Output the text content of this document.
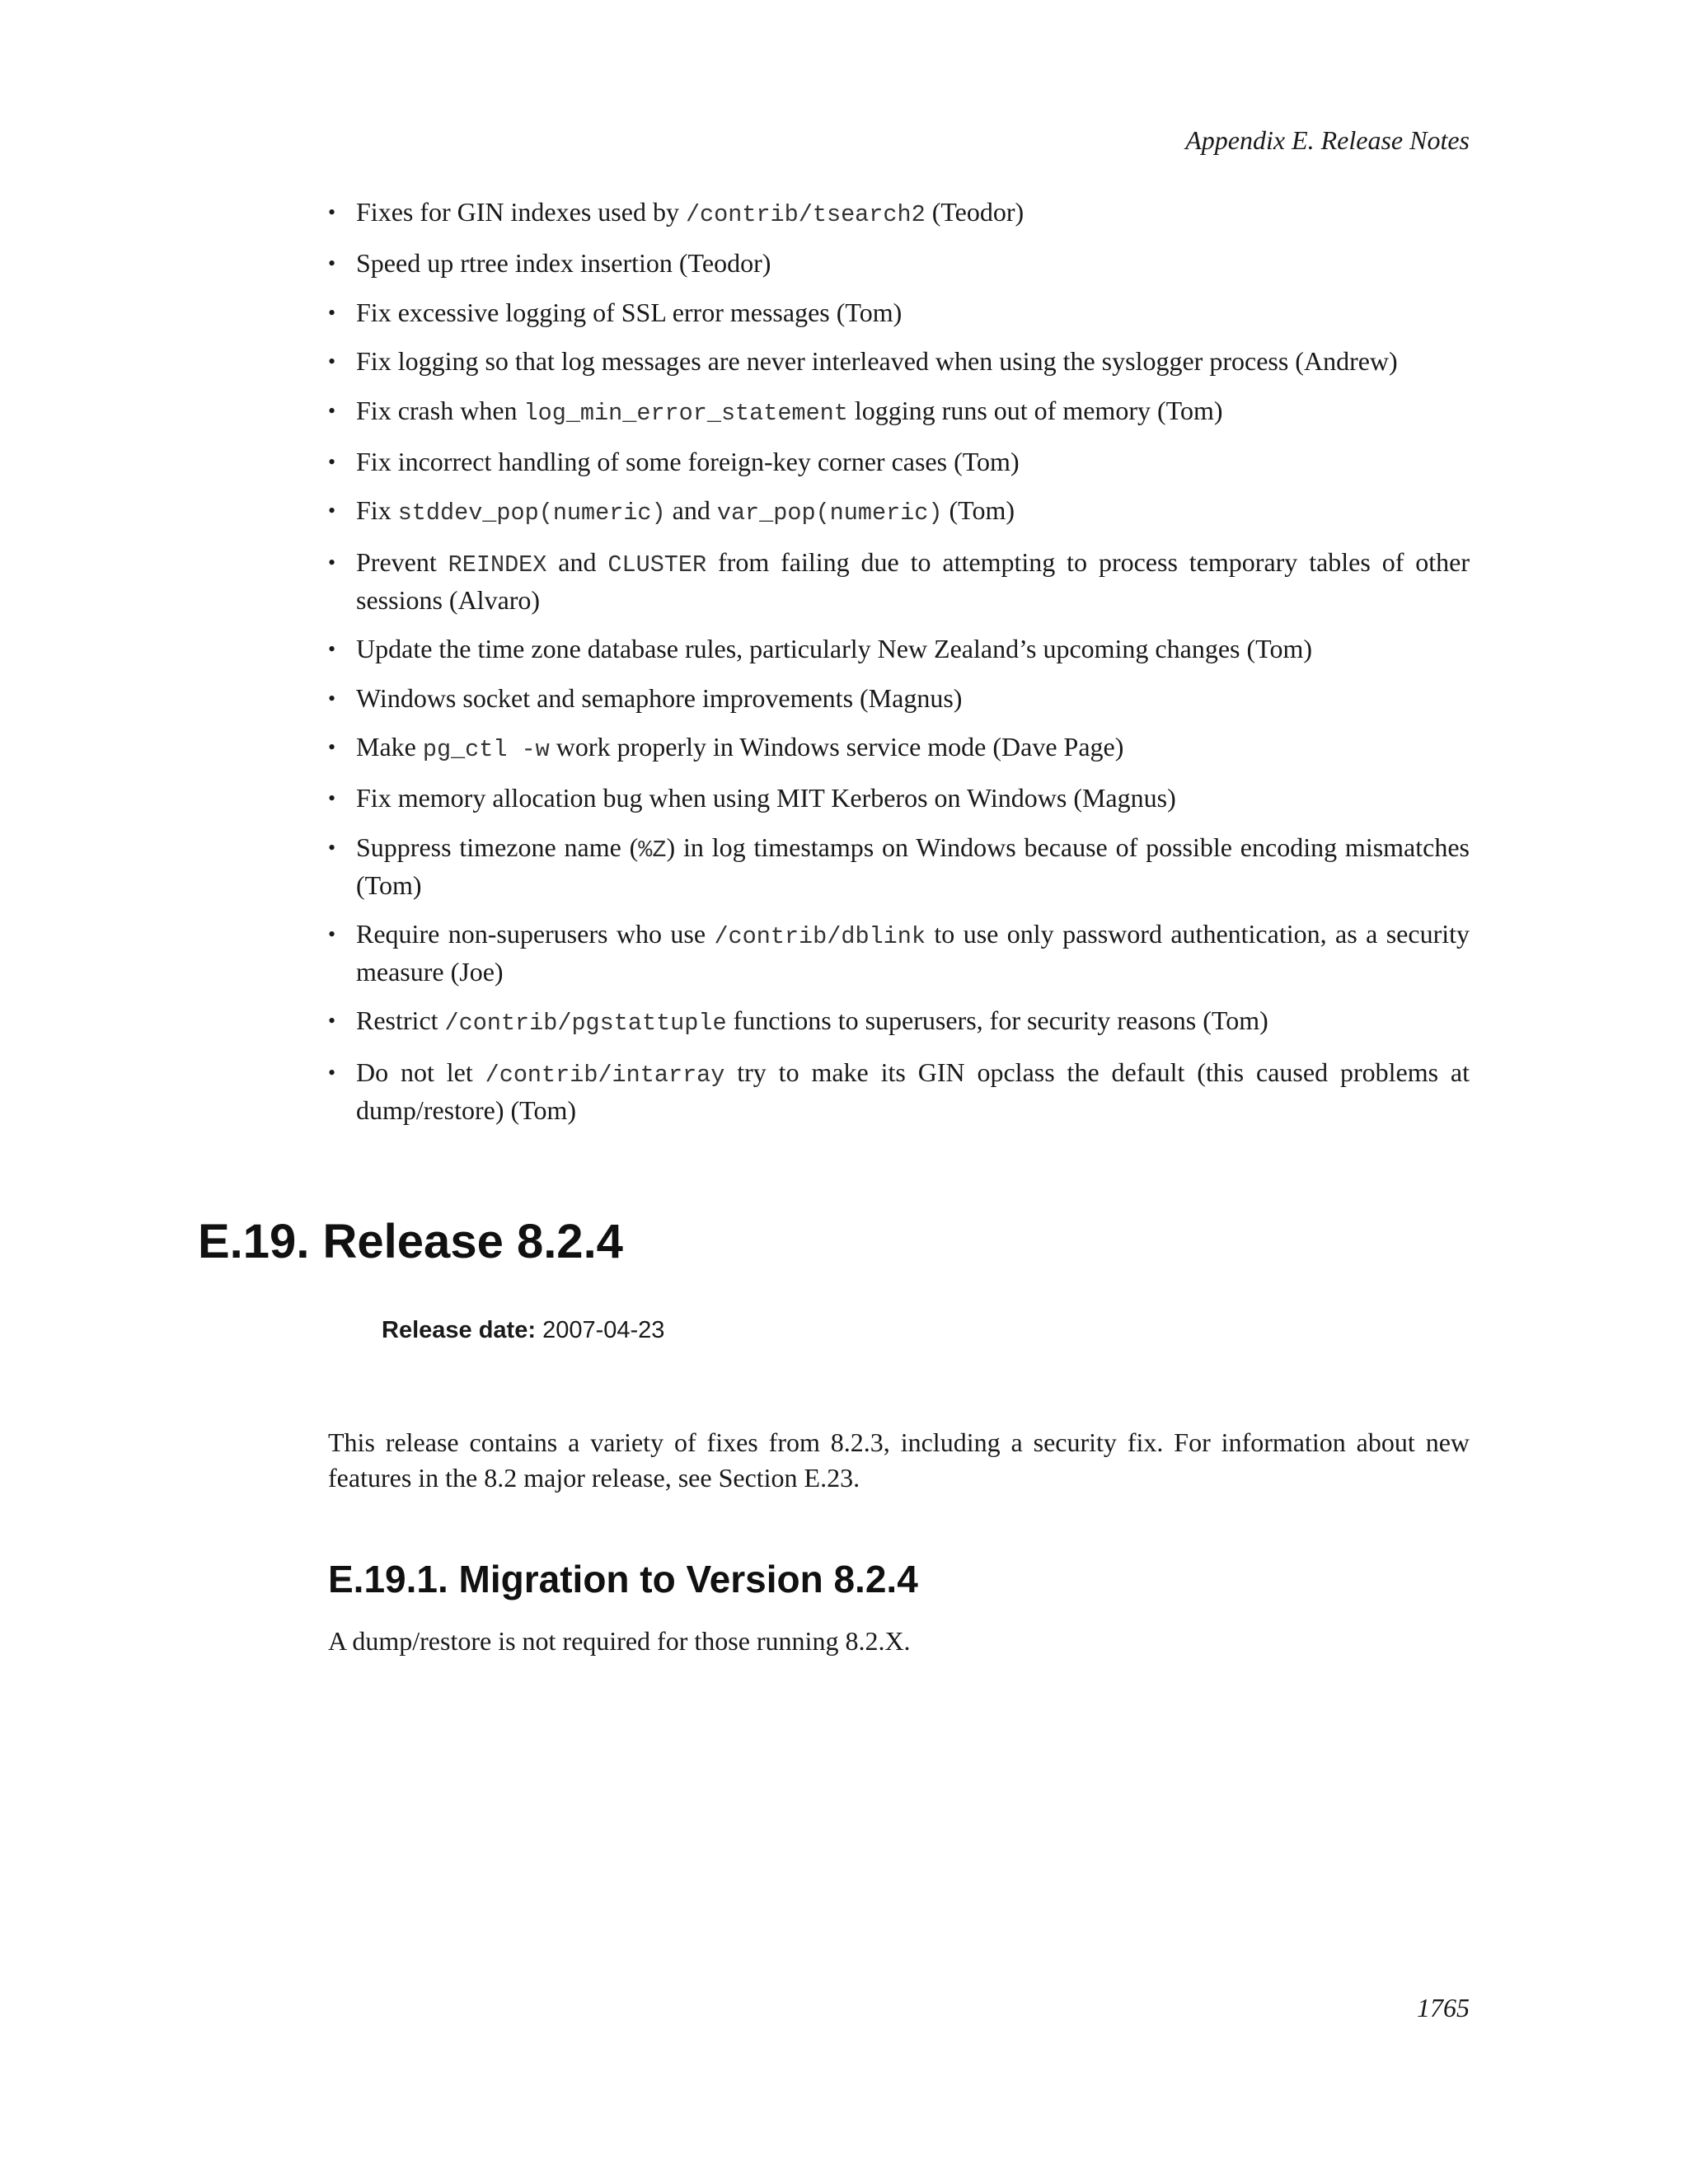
Appendix E. Release Notes
• Fixes for GIN indexes used by /contrib/tsearch2 (Teodor)
• Speed up rtree index insertion (Teodor)
• Fix excessive logging of SSL error messages (Tom)
• Fix logging so that log messages are never interleaved when using the syslogger process (Andrew)
• Fix crash when log_min_error_statement logging runs out of memory (Tom)
• Fix incorrect handling of some foreign-key corner cases (Tom)
• Fix stddev_pop(numeric) and var_pop(numeric) (Tom)
• Prevent REINDEX and CLUSTER from failing due to attempting to process temporary tables of other sessions (Alvaro)
• Update the time zone database rules, particularly New Zealand’s upcoming changes (Tom)
• Windows socket and semaphore improvements (Magnus)
• Make pg_ctl -w work properly in Windows service mode (Dave Page)
• Fix memory allocation bug when using MIT Kerberos on Windows (Magnus)
• Suppress timezone name (%Z) in log timestamps on Windows because of possible encoding mismatches (Tom)
• Require non-superusers who use /contrib/dblink to use only password authentication, as a security measure (Joe)
• Restrict /contrib/pgstattuple functions to superusers, for security reasons (Tom)
• Do not let /contrib/intarray try to make its GIN opclass the default (this caused problems at dump/restore) (Tom)
E.19. Release 8.2.4
Release date: 2007-04-23

This release contains a variety of fixes from 8.2.3, including a security fix. For information about new features in the 8.2 major release, see Section E.23.

E.19.1. Migration to Version 8.2.4

A dump/restore is not required for those running 8.2.X.

1765
